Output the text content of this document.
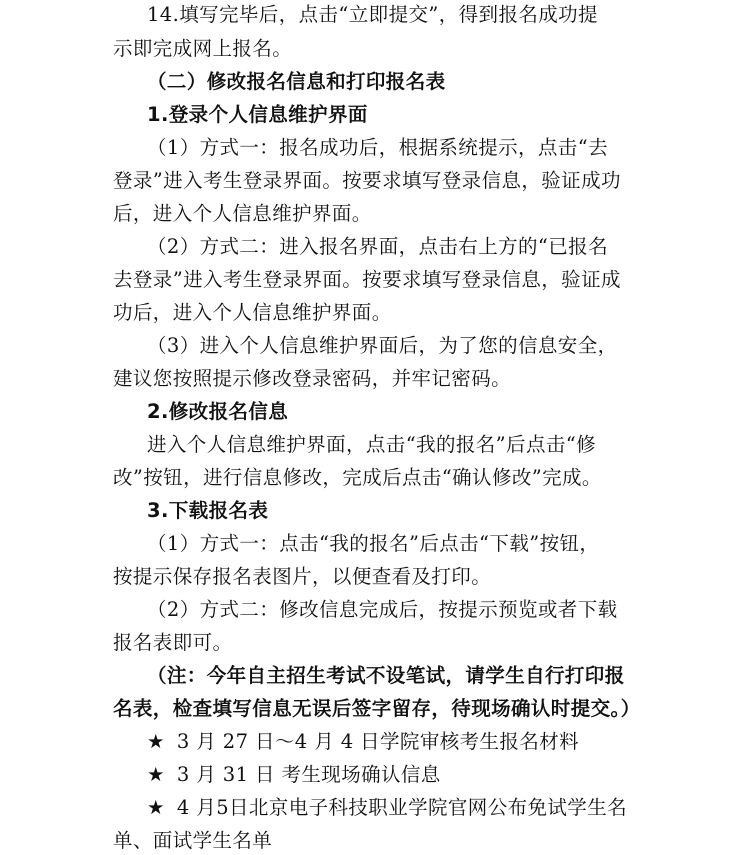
14.填写完毕后，点击“立即提交”，得到报名成功提
示即完成网上报名。
（二）修改报名信息和打印报名表
1.登录个人信息维护界面
（1）方式一：报名成功后，根据系统提示，点击“去
登录”进入考生登录界面。按要求填写登录信息，验证成功
后，进入个人信息维护界面。
（2）方式二：进入报名界面，点击右上方的“已报名
去登录”进入考生登录界面。按要求填写登录信息，验证成
功后，进入个人信息维护界面。
（3）进入个人信息维护界面后，为了您的信息安全，
建议您按照提示修改登录密码，并牢记密码。
2.修改报名信息
进入个人信息维护界面，点击“我的报名”后点击“修
改”按钮，进行信息修改，完成后点击“确认修改”完成。
3.下载报名表
（1）方式一：点击“我的报名”后点击“下载”按钮，
按提示保存报名表图片，以便查看及打印。
（2）方式二：修改信息完成后，按提示预览或者下载
报名表即可。
（注：今年自主招生考试不设笔试，请学生自行打印报
名表，检查填写信息无误后签字留存，待现场确认时提交。）
★ 3 月 27 日～4 月 4 日学院审核考生报名材料
★ 3 月 31 日 考生现场确认信息
★ 4 月5日北京电子科技职业学院官网公布免试学生名
单、面试学生名单
